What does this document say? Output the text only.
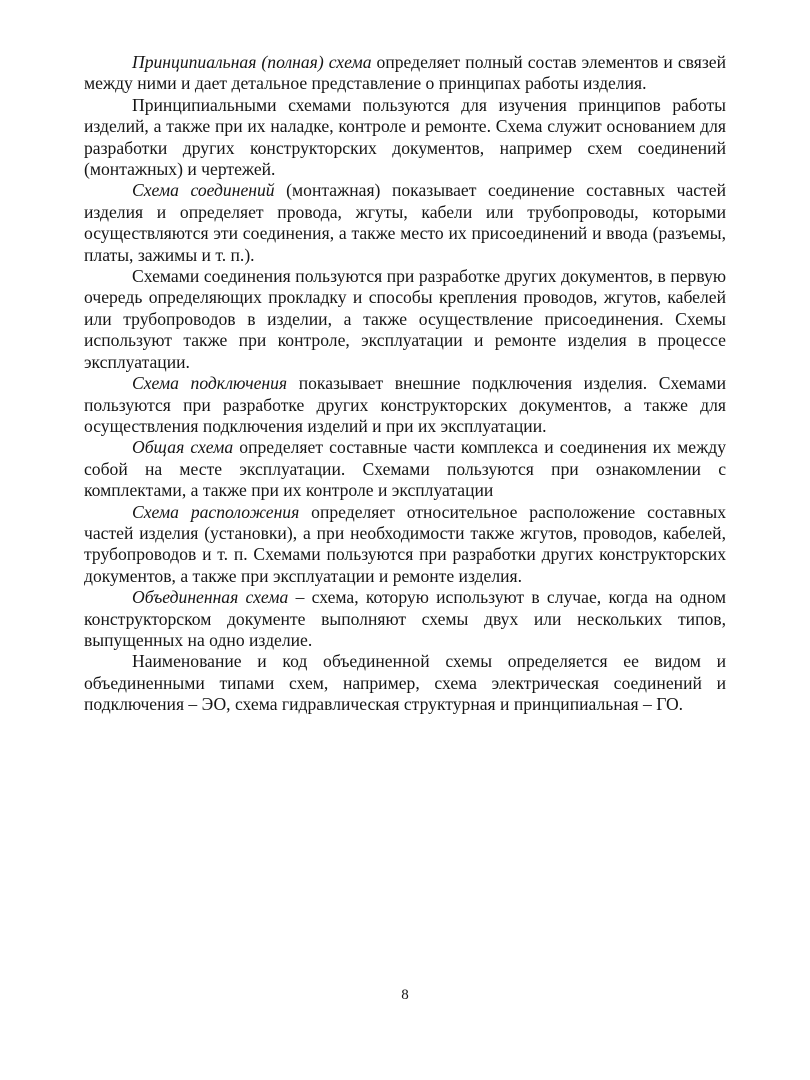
Принципиальная (полная) схема определяет полный состав элементов и связей между ними и дает детальное представление о принципах работы изделия.

Принципиальными схемами пользуются для изучения принципов работы изделий, а также при их наладке, контроле и ремонте. Схема служит основанием для разработки других конструкторских документов, например схем соединений (монтажных) и чертежей.

Схема соединений (монтажная) показывает соединение составных частей изделия и определяет провода, жгуты, кабели или трубопроводы, которыми осуществляются эти соединения, а также место их присоединений и ввода (разъемы, платы, зажимы и т. п.).

Схемами соединения пользуются при разработке других документов, в первую очередь определяющих прокладку и способы крепления проводов, жгутов, кабелей или трубопроводов в изделии, а также осуществление присоединения. Схемы используют также при контроле, эксплуатации и ремонте изделия в процессе эксплуатации.

Схема подключения показывает внешние подключения изделия. Схемами пользуются при разработке других конструкторских документов, а также для осуществления подключения изделий и при их эксплуатации.

Общая схема определяет составные части комплекса и соединения их между собой на месте эксплуатации. Схемами пользуются при ознакомлении с комплектами, а также при их контроле и эксплуатации

Схема расположения определяет относительное расположение составных частей изделия (установки), а при необходимости также жгутов, проводов, кабелей, трубопроводов и т. п. Схемами пользуются при разработки других конструкторских документов, а также при эксплуатации и ремонте изделия.

Объединенная схема – схема, которую используют в случае, когда на одном конструкторском документе выполняют схемы двух или нескольких типов, выпущенных на одно изделие.

Наименование и код объединенной схемы определяется ее видом и объединенными типами схем, например, схема электрическая соединений и подключения – ЭО, схема гидравлическая структурная и принципиальная – ГО.

8
